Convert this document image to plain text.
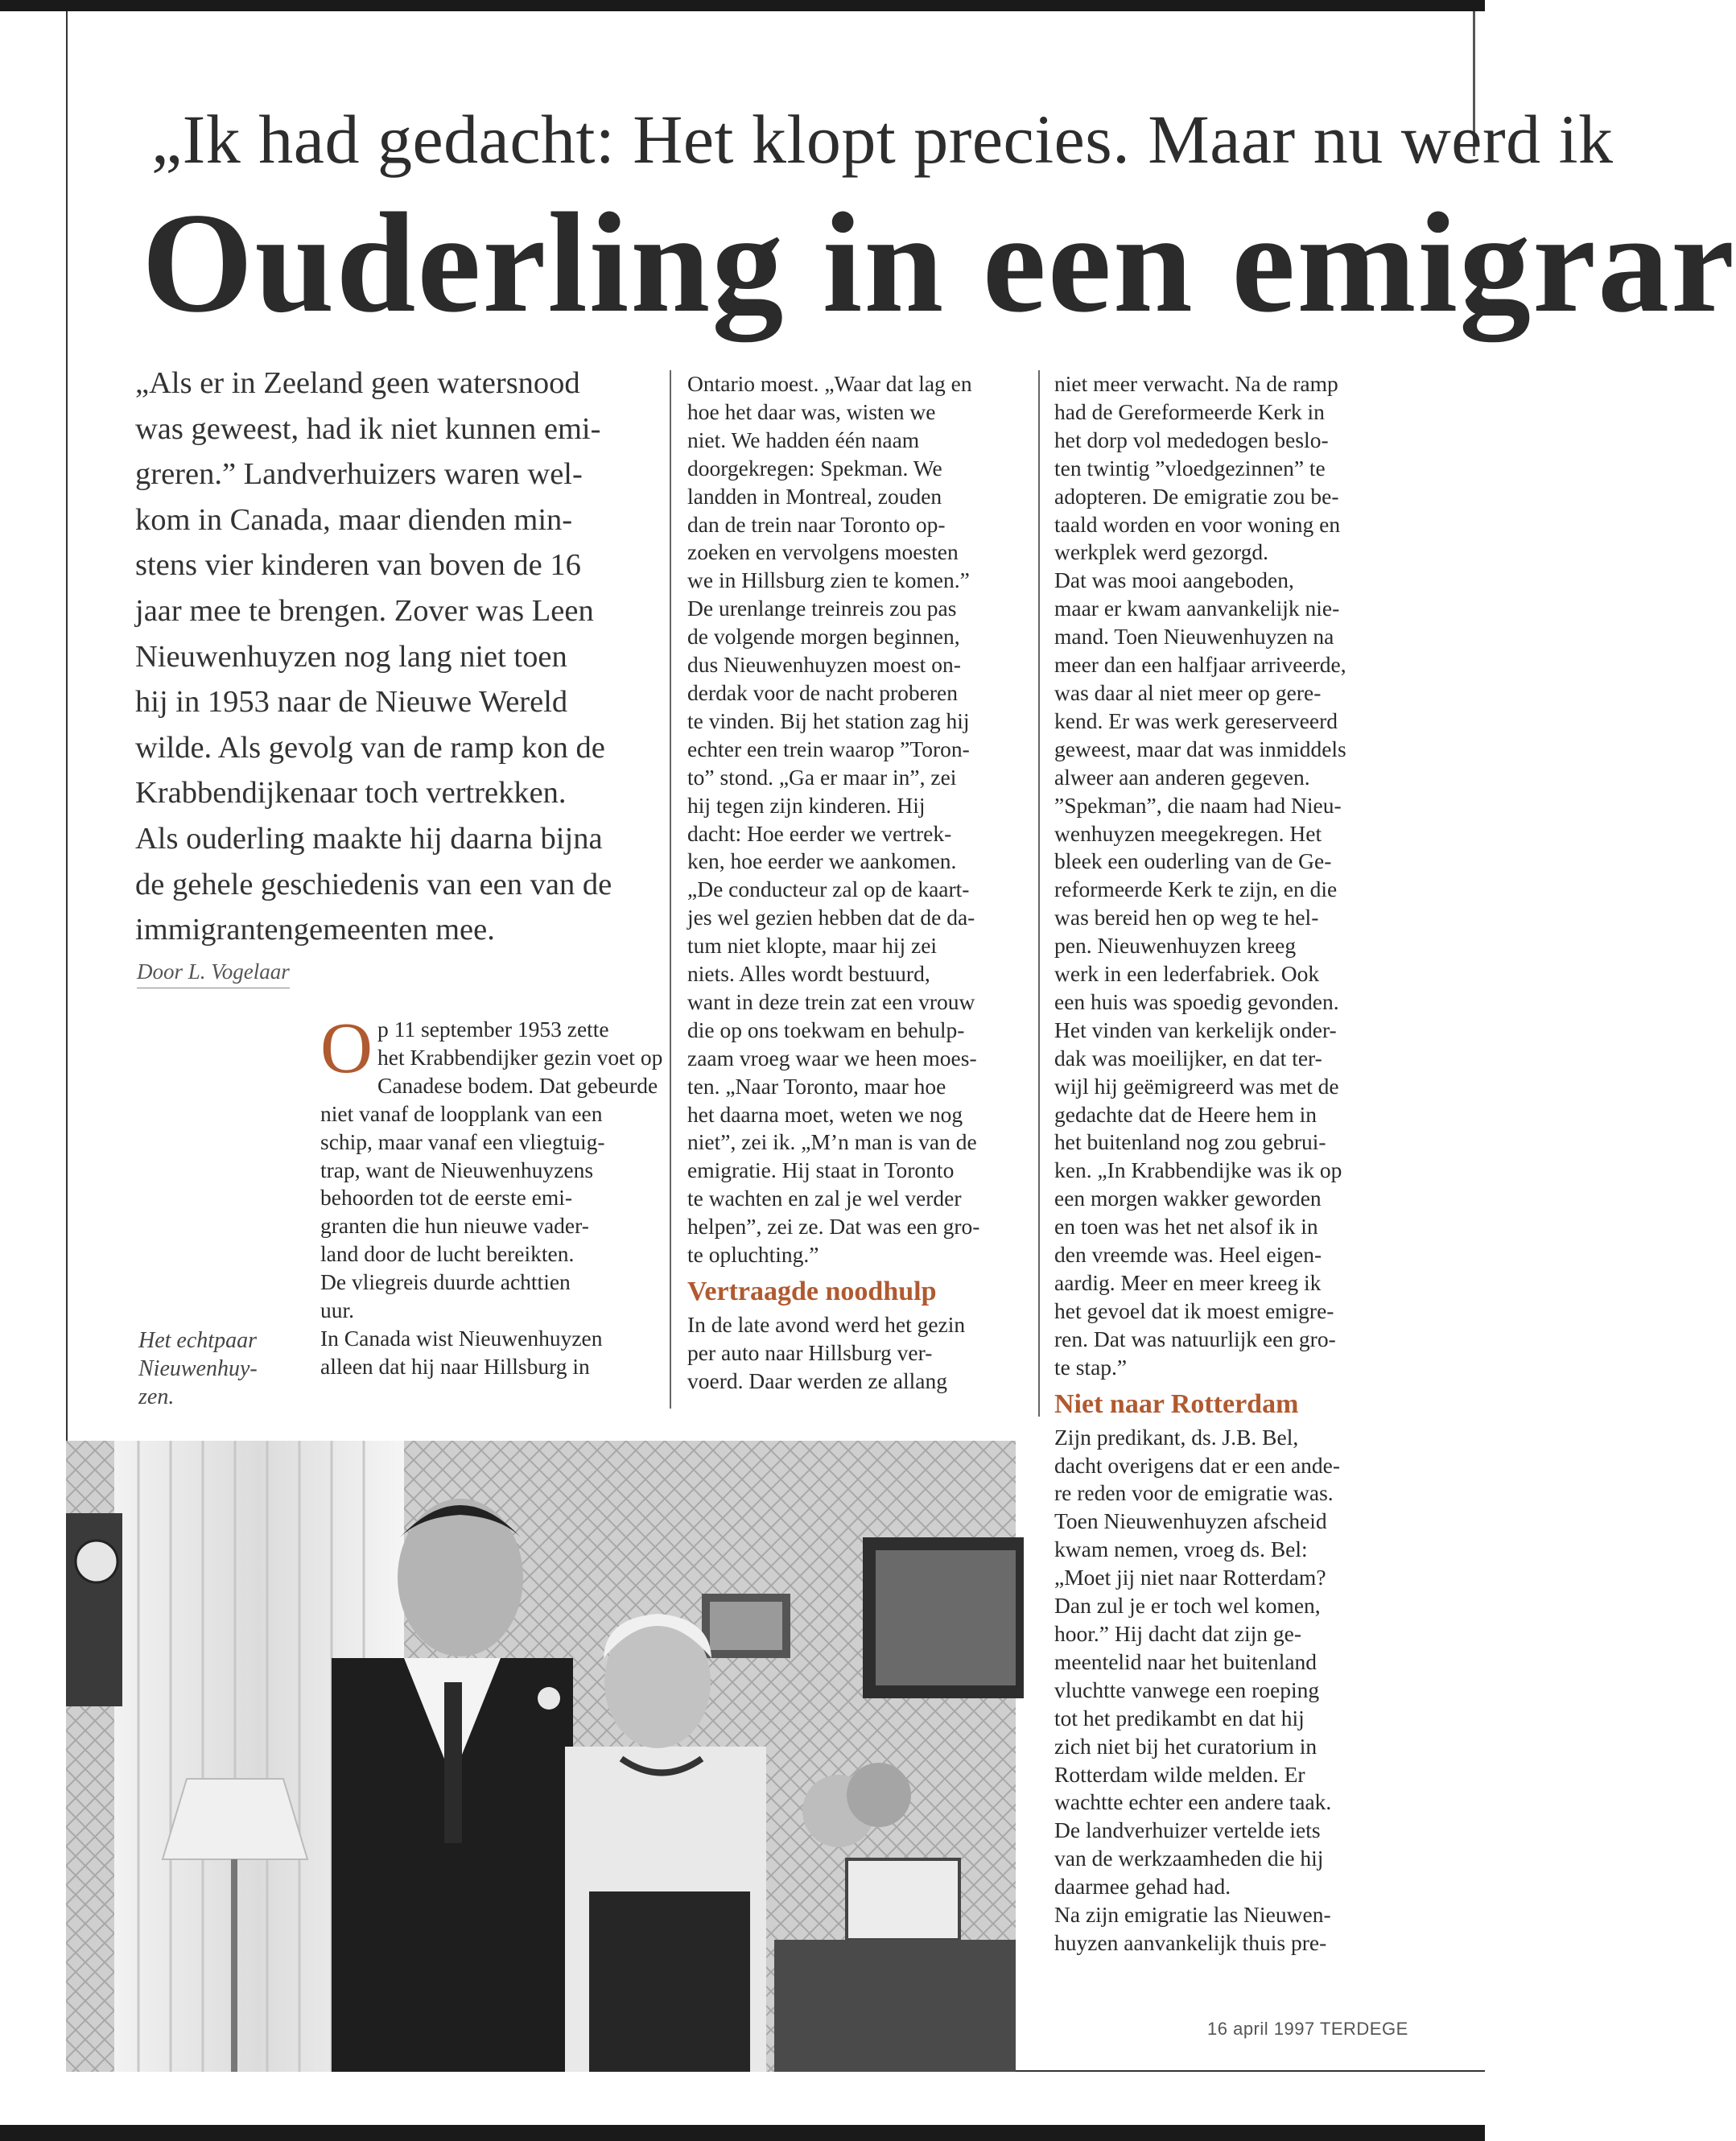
„Ik had gedacht: Het klopt precies. Maar nu werd ik
Ouderling in een emigrar

„Als er in Zeeland geen watersnood

was geweest, had ik niet kunnen emi-

greren.” Landverhuizers waren wel-

kom in Canada, maar dienden min-

stens vier kinderen van boven de 16

jaar mee te brengen. Zover was Leen

Nieuwenhuyzen nog lang niet toen

hij in 1953 naar de Nieuwe Wereld

wilde. Als gevolg van de ramp kon de

Krabbendijkenaar toch vertrekken.

Als ouderling maakte hij daarna bijna

de gehele geschiedenis van een van de

immigrantengemeenten mee.

Door L. Vogelaar
O p 11 september 1953 zette

het Krabbendijker gezin voet op

Canadese bodem. Dat gebeurde

niet vanaf de loopplank van een

schip, maar vanaf een vliegtuig-

trap, want de Nieuwenhuyzens

behoorden tot de eerste emi-

granten die hun nieuwe vader-

land door de lucht bereikten.

De vliegreis duurde achttien

uur.

In Canada wist Nieuwenhuyzen

alleen dat hij naar Hillsburg in

Ontario moest. „Waar dat lag en

hoe het daar was, wisten we

niet. We hadden één naam

doorgekregen: Spekman. We

landden in Montreal, zouden

dan de trein naar Toronto op-

zoeken en vervolgens moesten

we in Hillsburg zien te komen.”

De urenlange treinreis zou pas

de volgende morgen beginnen,

dus Nieuwenhuyzen moest on-

derdak voor de nacht proberen

te vinden. Bij het station zag hij

echter een trein waarop ”Toron-

to” stond. „Ga er maar in”, zei

hij tegen zijn kinderen. Hij

dacht: Hoe eerder we vertrek-

ken, hoe eerder we aankomen.

„De conducteur zal op de kaart-

jes wel gezien hebben dat de da-

tum niet klopte, maar hij zei

niets. Alles wordt bestuurd,

want in deze trein zat een vrouw

die op ons toekwam en behulp-

zaam vroeg waar we heen moes-

ten. „Naar Toronto, maar hoe

het daarna moet, weten we nog

niet”, zei ik. „M’n man is van de

emigratie. Hij staat in Toronto

te wachten en zal je wel verder

helpen”, zei ze. Dat was een gro-

te opluchting.”

Vertraagde noodhulp

In de late avond werd het gezin

per auto naar Hillsburg ver-

voerd. Daar werden ze allang

niet meer verwacht. Na de ramp

had de Gereformeerde Kerk in

het dorp vol mededogen beslo-

ten twintig ”vloedgezinnen” te

adopteren. De emigratie zou be-

taald worden en voor woning en

werkplek werd gezorgd.

Dat was mooi aangeboden,

maar er kwam aanvankelijk nie-

mand. Toen Nieuwenhuyzen na

meer dan een halfjaar arriveerde,

was daar al niet meer op gere-

kend. Er was werk gereserveerd

geweest, maar dat was inmiddels

alweer aan anderen gegeven.

”Spekman”, die naam had Nieu-

wenhuyzen meegekregen. Het

bleek een ouderling van de Ge-

reformeerde Kerk te zijn, en die

was bereid hen op weg te hel-

pen. Nieuwenhuyzen kreeg

werk in een lederfabriek. Ook

een huis was spoedig gevonden.

Het vinden van kerkelijk onder-

dak was moeilijker, en dat ter-

wijl hij geëmigreerd was met de

gedachte dat de Heere hem in

het buitenland nog zou gebrui-

ken. „In Krabbendijke was ik op

een morgen wakker geworden

en toen was het net alsof ik in

den vreemde was. Heel eigen-

aardig. Meer en meer kreeg ik

het gevoel dat ik moest emigre-

ren. Dat was natuurlijk een gro-

te stap.”

Niet naar Rotterdam

Zijn predikant, ds. J.B. Bel,

dacht overigens dat er een ande-

re reden voor de emigratie was.

Toen Nieuwenhuyzen afscheid

kwam nemen, vroeg ds. Bel:

„Moet jij niet naar Rotterdam?

Dan zul je er toch wel komen,

hoor.” Hij dacht dat zijn ge-

meentelid naar het buitenland

vluchtte vanwege een roeping

tot het predikambt en dat hij

zich niet bij het curatorium in

Rotterdam wilde melden. Er

wachtte echter een andere taak.

De landverhuizer vertelde iets

van de werkzaamheden die hij

daarmee gehad had.

Na zijn emigratie las Nieuwen-

huyzen aanvankelijk thuis pre-

Het echtpaar

Nieuwenhuy-

zen.

16 april 1997 TERDEGE
